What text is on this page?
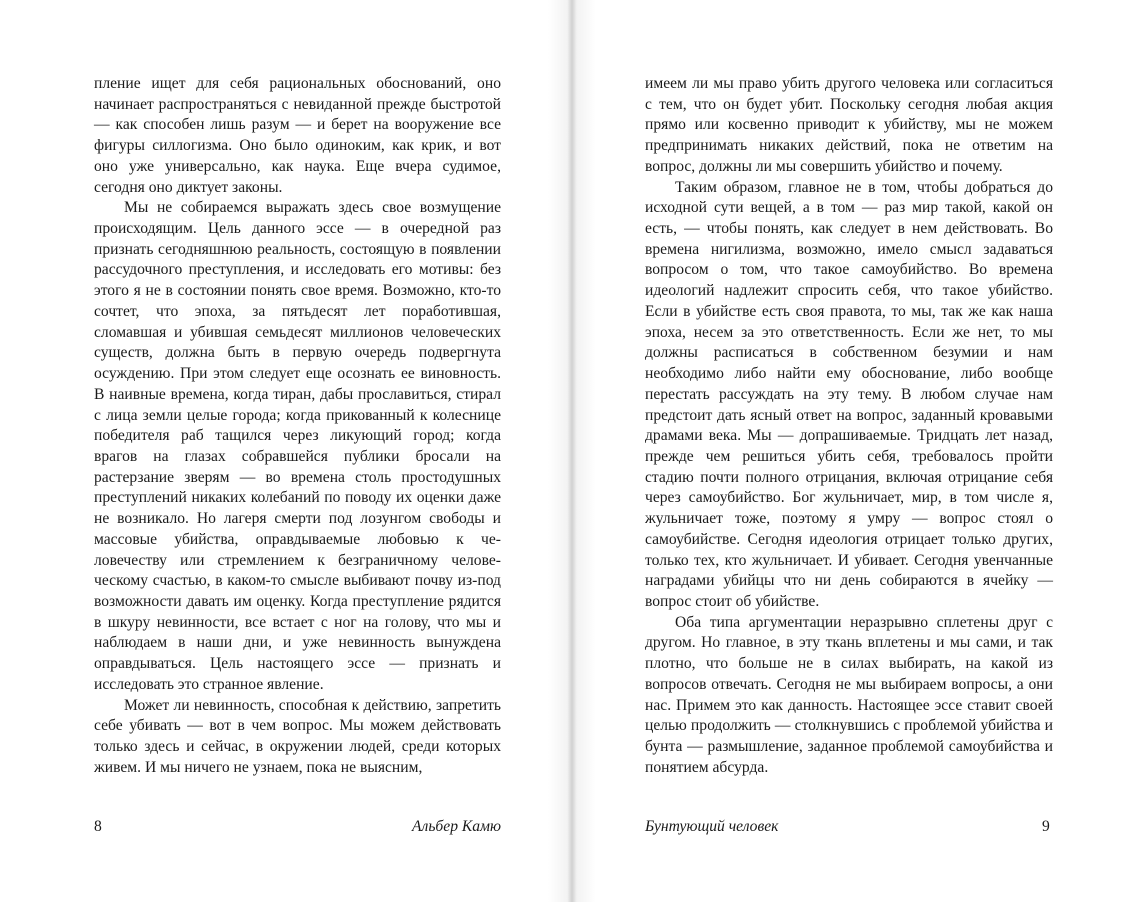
пление ищет для себя рациональных обоснований, оно начинает распространяться с невиданной прежде быстротой — как способен лишь разум — и берет на вооружение все фигуры силлогизма. Оно было одиноким, как крик, и вот оно уже универсально, как наука. Еще вчера судимое, сегодня оно диктует законы.

Мы не собираемся выражать здесь свое возмущение происходящим. Цель данного эссе — в очередной раз признать сегодняшнюю реальность, состоящую в появлении рассудочного преступления, и исследовать его мотивы: без этого я не в состоянии понять свое время. Возможно, кто-то сочтет, что эпоха, за пятьдесят лет поработившая, сломавшая и убившая семьдесят миллионов человеческих существ, должна быть в первую очередь подвергнута осуждению. При этом следует еще осознать ее виновность. В наивные времена, когда тиран, дабы прославиться, стирал с лица земли целые города; когда прикованный к колеснице победителя раб тащился через ликующий город; когда врагов на глазах собравшейся публики бросали на растерзание зверям — во времена столь простодушных преступлений никаких колебаний по поводу их оценки даже не возникало. Но лагеря смерти под лозунгом свободы и массовые убийства, оправдываемые любовью к человечеству или стремлением к безграничному человеческому счастью, в каком-то смысле выбивают почву из-под возможности давать им оценку. Когда преступление рядится в шкуру невинности, все встает с ног на голову, что мы и наблюдаем в наши дни, и уже невинность вынуждена оправдываться. Цель настоящего эссе — признать и исследовать это странное явление.

Может ли невинность, способная к действию, запретить себе убивать — вот в чем вопрос. Мы можем действовать только здесь и сейчас, в окружении людей, среди которых живем. И мы ничего не узнаем, пока не выясним,

8	Альбер Камю

имеем ли мы право убить другого человека или согласиться с тем, что он будет убит. Поскольку сегодня любая акция прямо или косвенно приводит к убийству, мы не можем предпринимать никаких действий, пока не ответим на вопрос, должны ли мы совершить убийство и почему.

Таким образом, главное не в том, чтобы добраться до исходной сути вещей, а в том — раз мир такой, какой он есть, — чтобы понять, как следует в нем действовать. Во времена нигилизма, возможно, имело смысл задаваться вопросом о том, что такое самоубийство. Во времена идеологий надлежит спросить себя, что такое убийство. Если в убийстве есть своя правота, то мы, так же как наша эпоха, несем за это ответственность. Если же нет, то мы должны расписаться в собственном безумии и нам необходимо либо найти ему обоснование, либо вообще перестать рассуждать на эту тему. В любом случае нам предстоит дать ясный ответ на вопрос, заданный кровавыми драмами века. Мы — допрашиваемые. Тридцать лет назад, прежде чем решиться убить себя, требовалось пройти стадию почти полного отрицания, включая отрицание себя через самоубийство. Бог жульничает, мир, в том числе я, жульничает тоже, поэтому я умру — вопрос стоял о самоубийстве. Сегодня идеология отрицает только других, только тех, кто жульничает. И убивает. Сегодня увенчанные наградами убийцы что ни день собираются в ячейку — вопрос стоит об убийстве.

Оба типа аргументации неразрывно сплетены друг с другом. Но главное, в эту ткань вплетены и мы сами, и так плотно, что больше не в силах выбирать, на какой из вопросов отвечать. Сегодня не мы выбираем вопросы, а они нас. Примем это как данность. Настоящее эссе ставит своей целью продолжить — столкнувшись с проблемой убийства и бунта — размышление, заданное проблемой самоубийства и понятием абсурда.

Бунтующий человек	9
